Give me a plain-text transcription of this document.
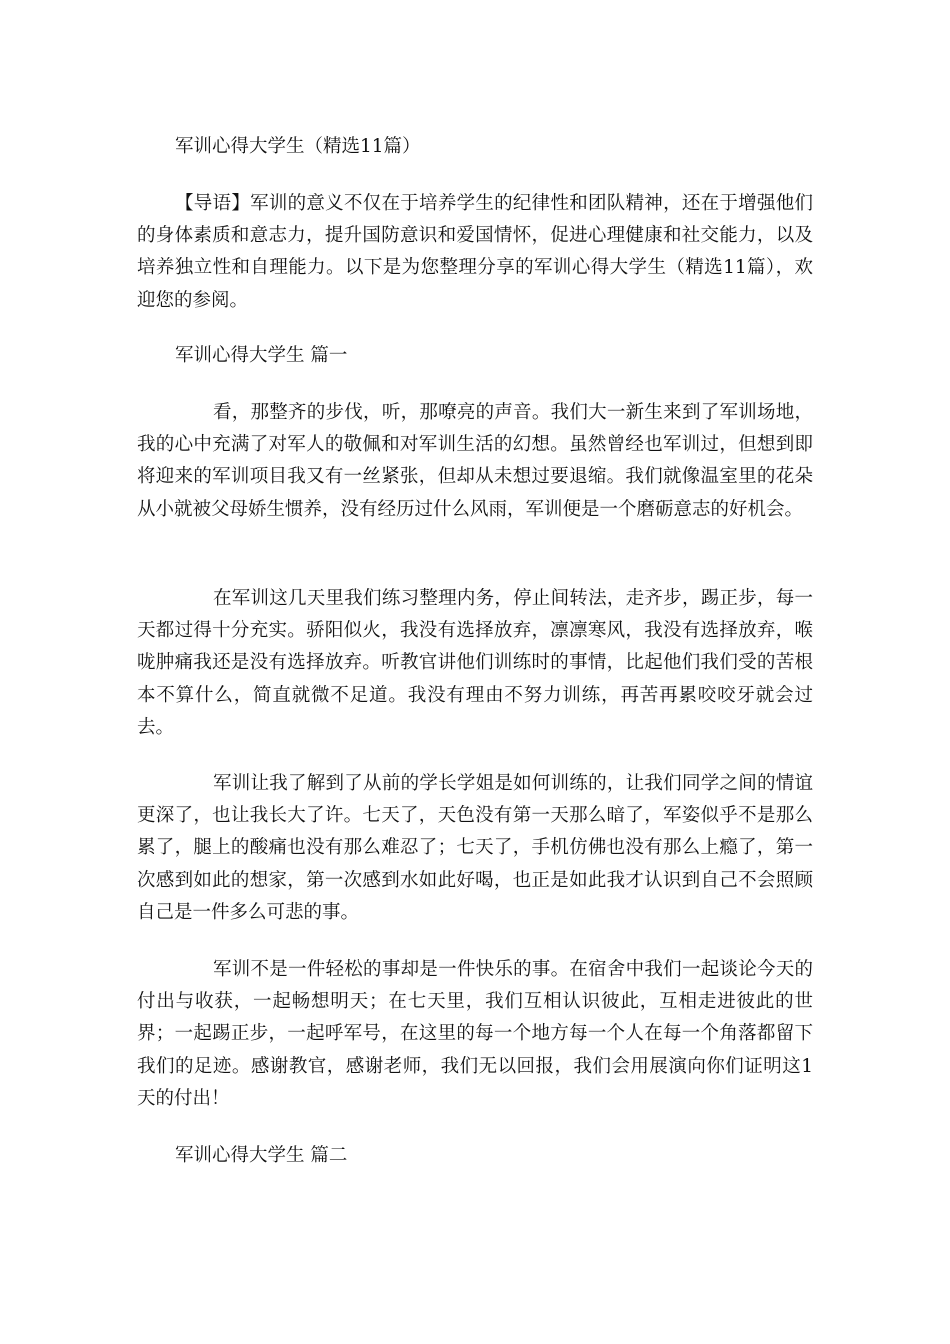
军训心得大学生（精选11篇）

【导语】军训的意义不仅在于培养学生的纪律性和团队精神，还在于增强他们的身体素质和意志力，提升国防意识和爱国情怀，促进心理健康和社交能力，以及培养独立性和自理能力。以下是为您整理分享的军训心得大学生（精选11篇），欢迎您的参阅。

军训心得大学生 篇一

看，那整齐的步伐，听，那嘹亮的声音。我们大一新生来到了军训场地，我的心中充满了对军人的敬佩和对军训生活的幻想。虽然曾经也军训过，但想到即将迎来的军训项目我又有一丝紧张，但却从未想过要退缩。我们就像温室里的花朵从小就被父母娇生惯养，没有经历过什么风雨，军训便是一个磨砺意志的好机会。

在军训这几天里我们练习整理内务，停止间转法，走齐步，踢正步，每一天都过得十分充实。骄阳似火，我没有选择放弃，凛凛寒风，我没有选择放弃，喉咙肿痛我还是没有选择放弃。听教官讲他们训练时的事情，比起他们我们受的苦根本不算什么，简直就微不足道。我没有理由不努力训练，再苦再累咬咬牙就会过去。

军训让我了解到了从前的学长学姐是如何训练的，让我们同学之间的情谊更深了，也让我长大了许。七天了，天色没有第一天那么暗了，军姿似乎不是那么累了，腿上的酸痛也没有那么难忍了；七天了，手机仿佛也没有那么上瘾了，第一次感到如此的想家，第一次感到水如此好喝，也正是如此我才认识到自己不会照顾自己是一件多么可悲的事。

军训不是一件轻松的事却是一件快乐的事。在宿舍中我们一起谈论今天的付出与收获，一起畅想明天；在七天里，我们互相认识彼此，互相走进彼此的世界；一起踢正步，一起呼军号，在这里的每一个地方每一个人在每一个角落都留下我们的足迹。感谢教官，感谢老师，我们无以回报，我们会用展演向你们证明这1天的付出！

军训心得大学生 篇二
